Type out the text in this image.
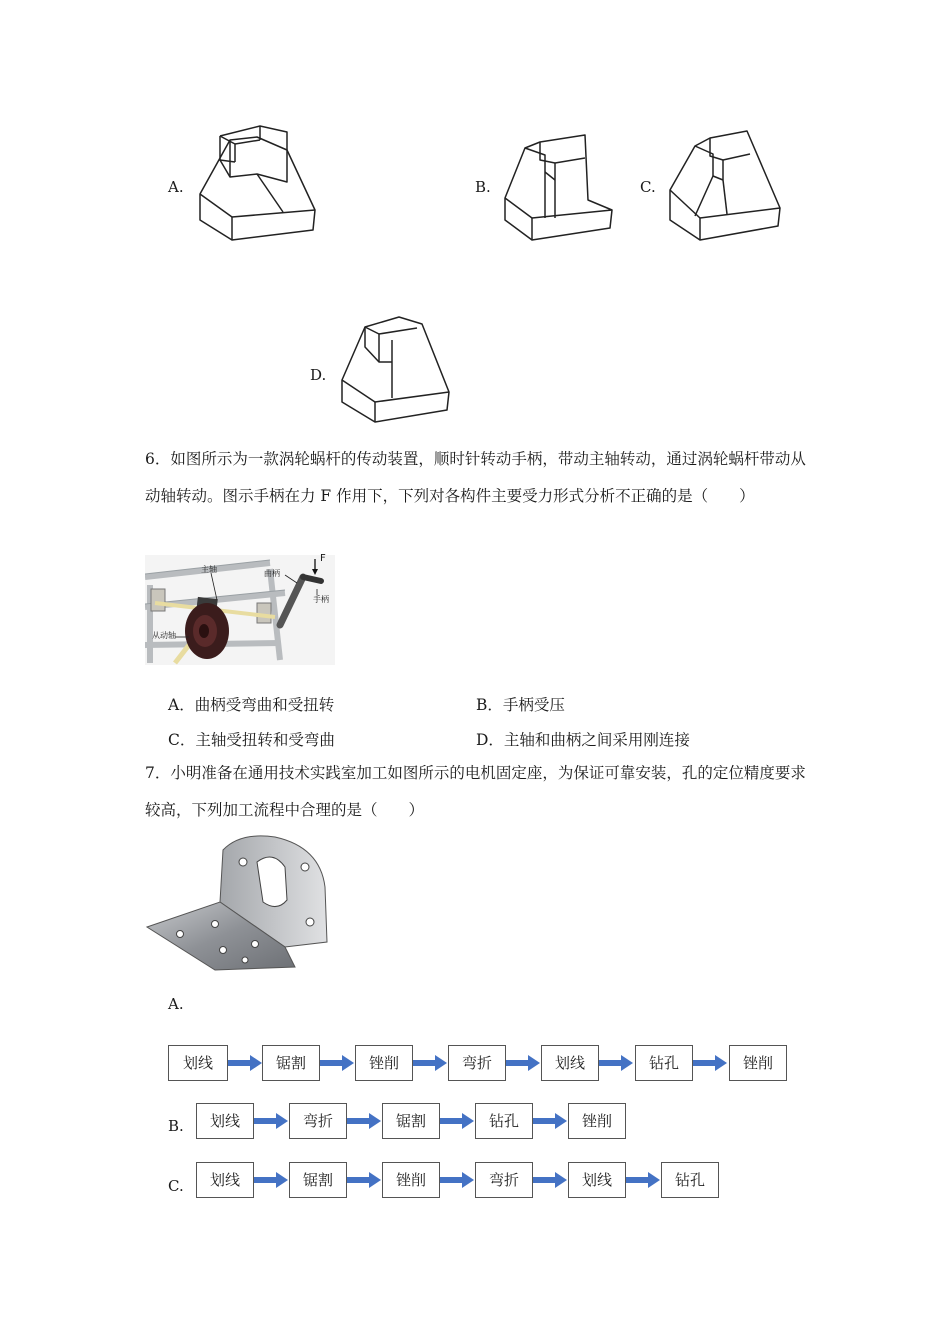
A.	B.	C.
D.
6．如图所示为一款涡轮蜗杆的传动装置，顺时针转动手柄，带动主轴转动，通过涡轮蜗杆带动从动轴转动。图示手柄在力 F 作用下，下列对各构件主要受力形式分析不正确的是（　　）
主轴	曲柄
F
手柄
从动轴
A．曲柄受弯曲和受扭转	B．手柄受压
C．主轴受扭转和受弯曲	D．主轴和曲柄之间采用刚连接
7．小明准备在通用技术实践室加工如图所示的电机固定座，为保证可靠安装，孔的定位精度要求较高，下列加工流程中合理的是（　　）
A.
划线	锯割	锉削	弯折	划线	钻孔	锉削
B.	划线	弯折	锯割	钻孔	锉削
C.	划线	锯割	锉削	弯折	划线	钻孔
